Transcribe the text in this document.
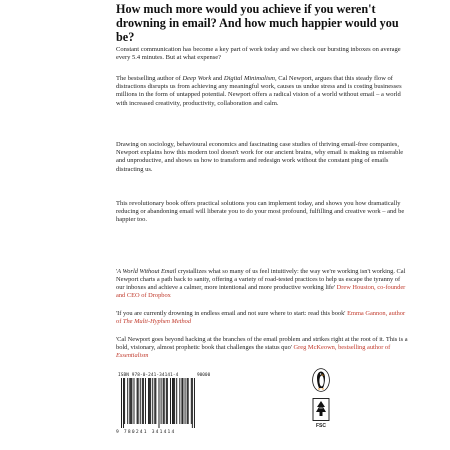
How much more would you achieve if you weren't drowning in email? And how much happier would you be?
Constant communication has become a key part of work today and we check our bursting inboxes on average every 5.4 minutes. But at what expense?
The bestselling author of Deep Work and Digital Minimalism, Cal Newport, argues that this steady flow of distractions disrupts us from achieving any meaningful work, causes us undue stress and is costing businesses millions in the form of untapped potential. Newport offers a radical vision of a world without email – a world with increased creativity, productivity, collaboration and calm.
Drawing on sociology, behavioural economics and fascinating case studies of thriving email-free companies, Newport explains how this modern tool doesn't work for our ancient brains, why email is making us miserable and unproductive, and shows us how to transform and redesign work without the constant ping of emails distracting us.
This revolutionary book offers practical solutions you can implement today, and shows you how dramatically reducing or abandoning email will liberate you to do your most profound, fulfilling and creative work – and be happier too.
'A World Without Email crystallizes what so many of us feel intuitively: the way we're working isn't working. Cal Newport charts a path back to sanity, offering a variety of road-tested practices to help us escape the tyranny of our inboxes and achieve a calmer, more intentional and more productive working life' Drew Houston, co-founder and CEO of Dropbox
'If you are currently drowning in endless email and not sure where to start: read this book' Emma Gannon, author of The Multi-Hyphen Method
'Cal Newport goes beyond hacking at the branches of the email problem and strikes right at the root of it. This is a bold, visionary, almost prophetic book that challenges the status quo' Greg McKeown, bestselling author of Essentialism
ISBN 978-0-241-34141-4	90000
9 780241 341414
FSC
